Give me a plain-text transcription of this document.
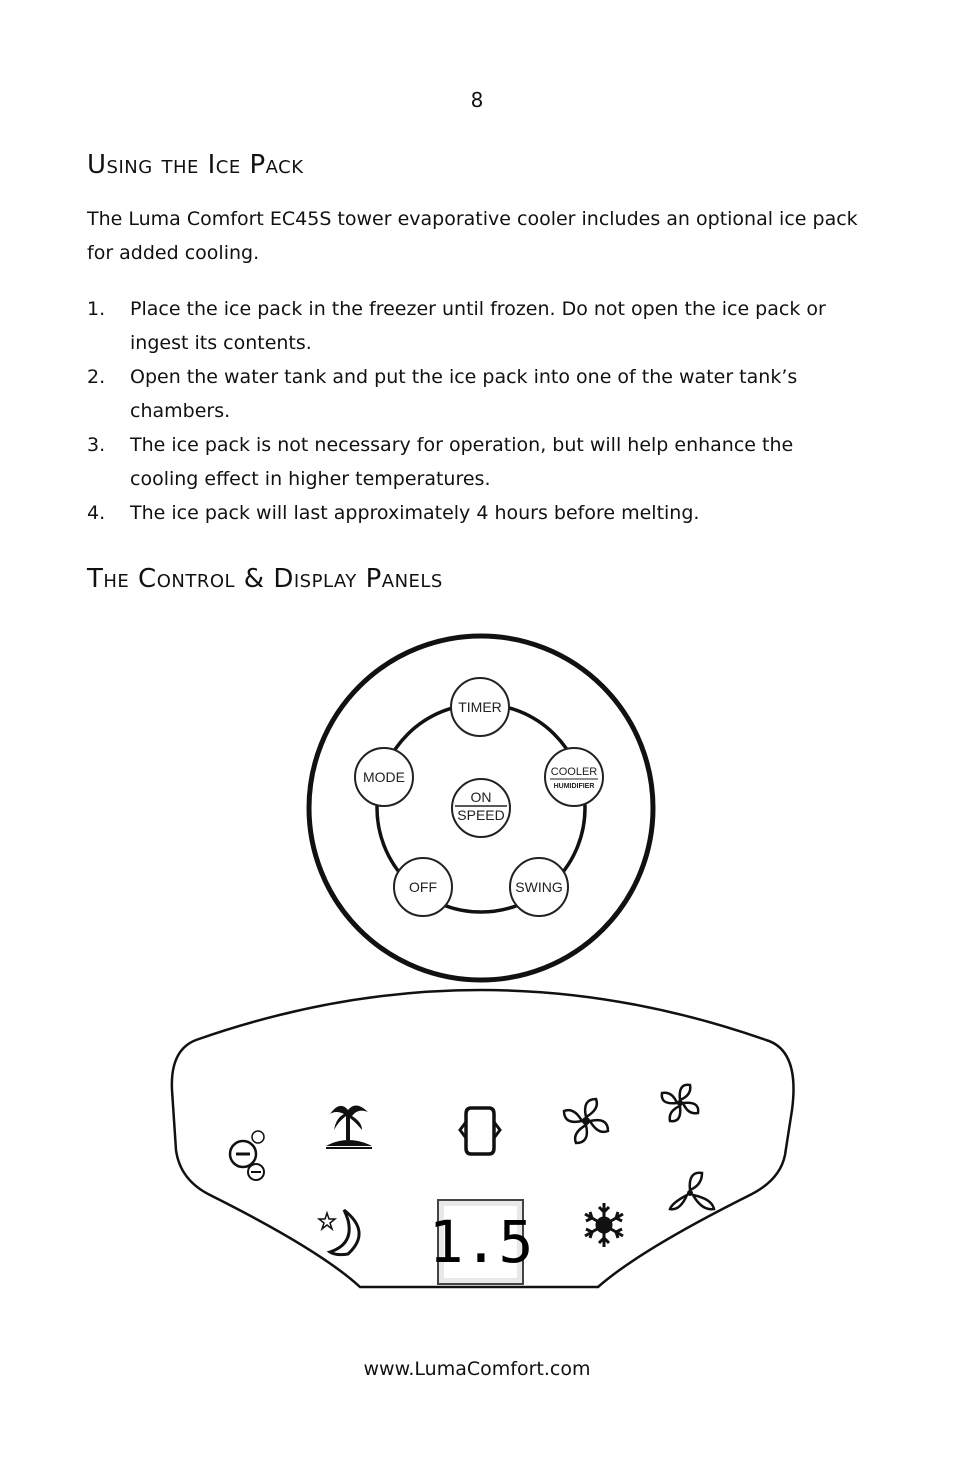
8
Using the Ice Pack

The Luma Comfort EC45S tower evaporative cooler includes an optional ice pack for added cooling.

1. Place the ice pack in the freezer until frozen. Do not open the ice pack or ingest its contents.
2. Open the water tank and put the ice pack into one of the water tank’s chambers.
3. The ice pack is not necessary for operation, but will help enhance the cooling effect in higher temperatures.
4. The ice pack will last approximately 4 hours before melting.
The Control & Display Panels
TIMER
MODE	COOLER
HUMIDIFIER
ON
SPEED
OFF	SWING
1.5
www.LumaComfort.com
